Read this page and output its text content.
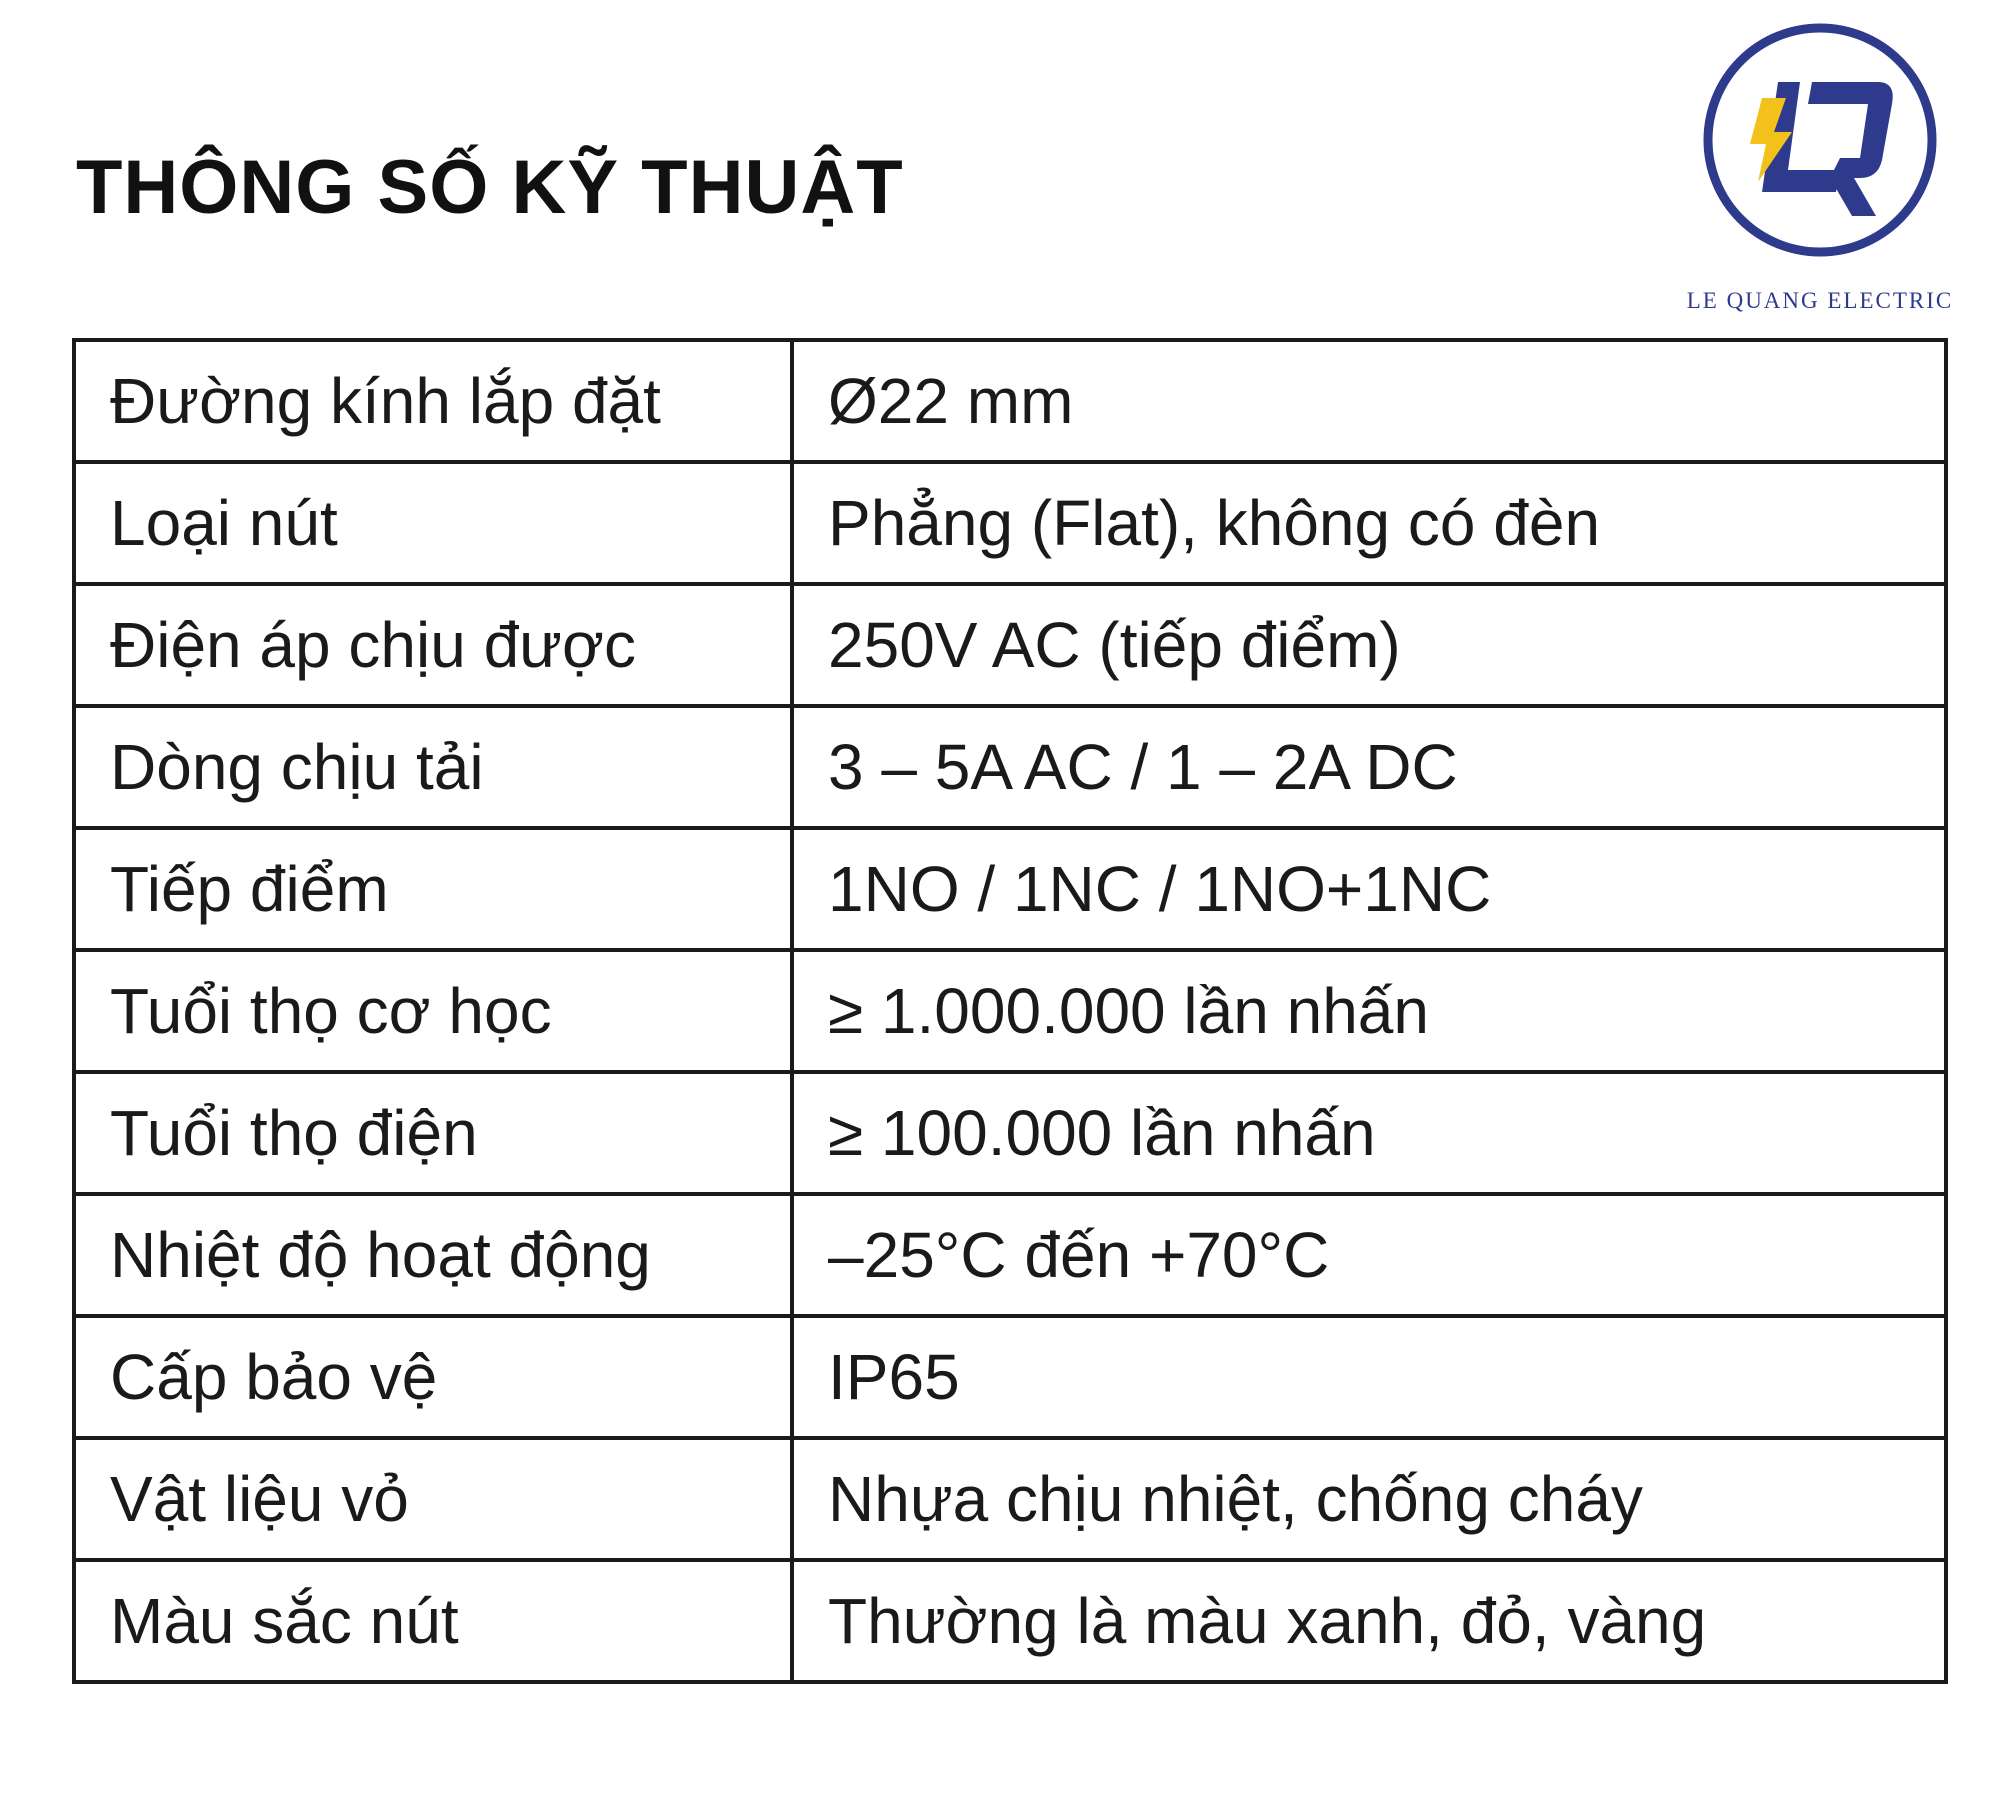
THÔNG SỐ KỸ THUẬT
LE QUANG ELECTRIC
Đường kính lắp đặt	Ø22 mm
Loại nút	Phẳng (Flat), không có đèn
Điện áp chịu được	250V AC (tiếp điểm)
Dòng chịu tải	3 – 5A AC / 1 – 2A DC
Tiếp điểm	1NO / 1NC / 1NO+1NC
Tuổi thọ cơ học	≥ 1.000.000 lần nhấn
Tuổi thọ điện	≥ 100.000 lần nhấn
Nhiệt độ hoạt động	–25°C đến +70°C
Cấp bảo vệ	IP65
Vật liệu vỏ	Nhựa chịu nhiệt, chống cháy
Màu sắc nút	Thường là màu xanh, đỏ, vàng
